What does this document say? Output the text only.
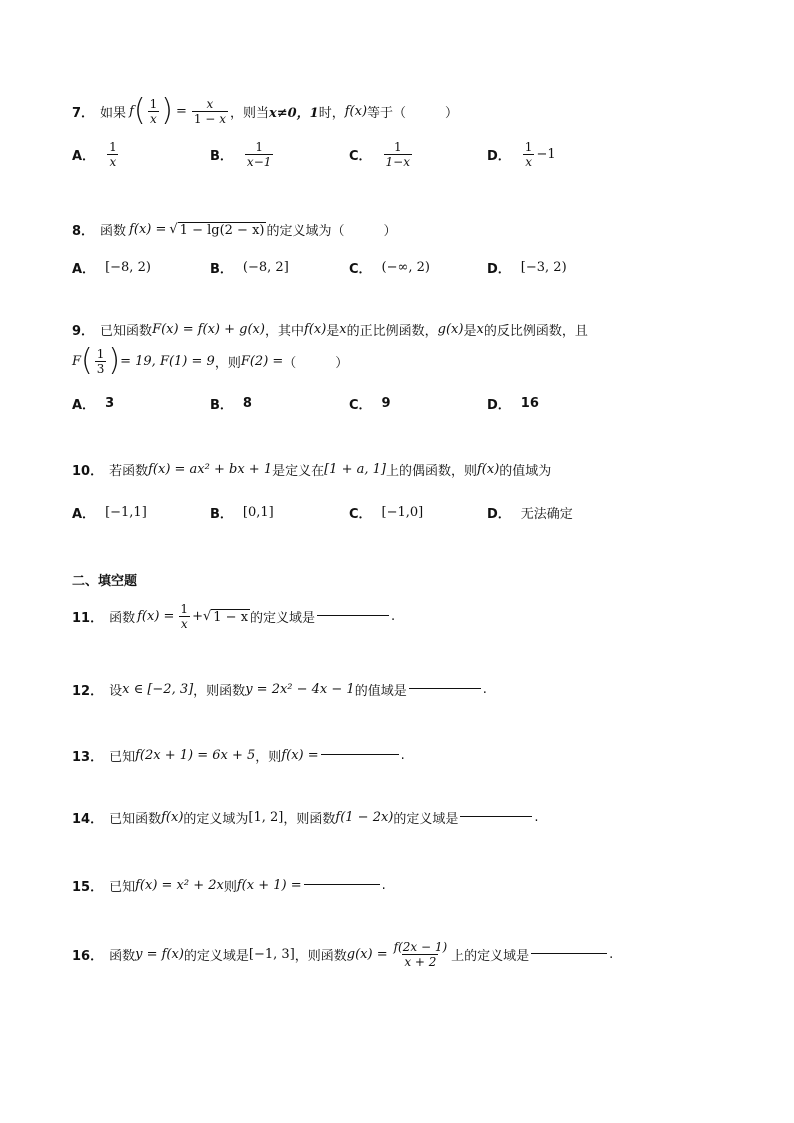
7． 如果 f ( $\frac{1}{x}$ ) = $\frac{x}{1 - x}$ ，则当 x≠0，1 时， f(x) 等于（　　　）
A． $\frac{1}{x}$	B． $\frac{1}{x-1}$	C． $\frac{1}{1-x}$	D． $\frac{1}{x} -1$
8． 函数 f(x) = √ 1 − lg(2 − x) 的定义域为（　　　）
A． [−8, 2)	B． (−8, 2]	C． (−∞, 2)	D． [−3, 2)
9． 已知函数 F(x) = f(x) + g(x) ，其中 f(x) 是 x 的正比例函数， g(x) 是 x 的反比例函数，且
F ( $\frac{1}{3}$ ) = 19, F(1) = 9 ，则 F(2) = （　　　）
A． 3	B． 8	C． 9	D． 16
10． 若函数 f(x) = ax² + bx + 1 是定义在 [1 + a, 1] 上的偶函数，则 f(x) 的值域为
A． [−1,1]	B． [0,1]	C． [−1,0]	D． 无法确定
二、填空题
11． 函数 $f(x) = \frac{1}{x}$ + √ 1 − x 的定义域是	.
12． 设 x ∈ [−2, 3] ，则函数 y = 2x² − 4x − 1 的值域是	.
13． 已知 f(2x + 1) = 6x + 5 ，则 f(x) =	.
14． 已知函数 f(x) 的定义域为 [1, 2] ，则函数 f(1 − 2x) 的定义域是	.
15． 已知 f(x) = x² + 2x 则 f(x + 1) =	.
16． 函数 y = f(x) 的定义域是 [−1, 3] ，则函数 $g(x) = \frac{f(2x - 1)}{x + 2}$ 上的定义域是	.
